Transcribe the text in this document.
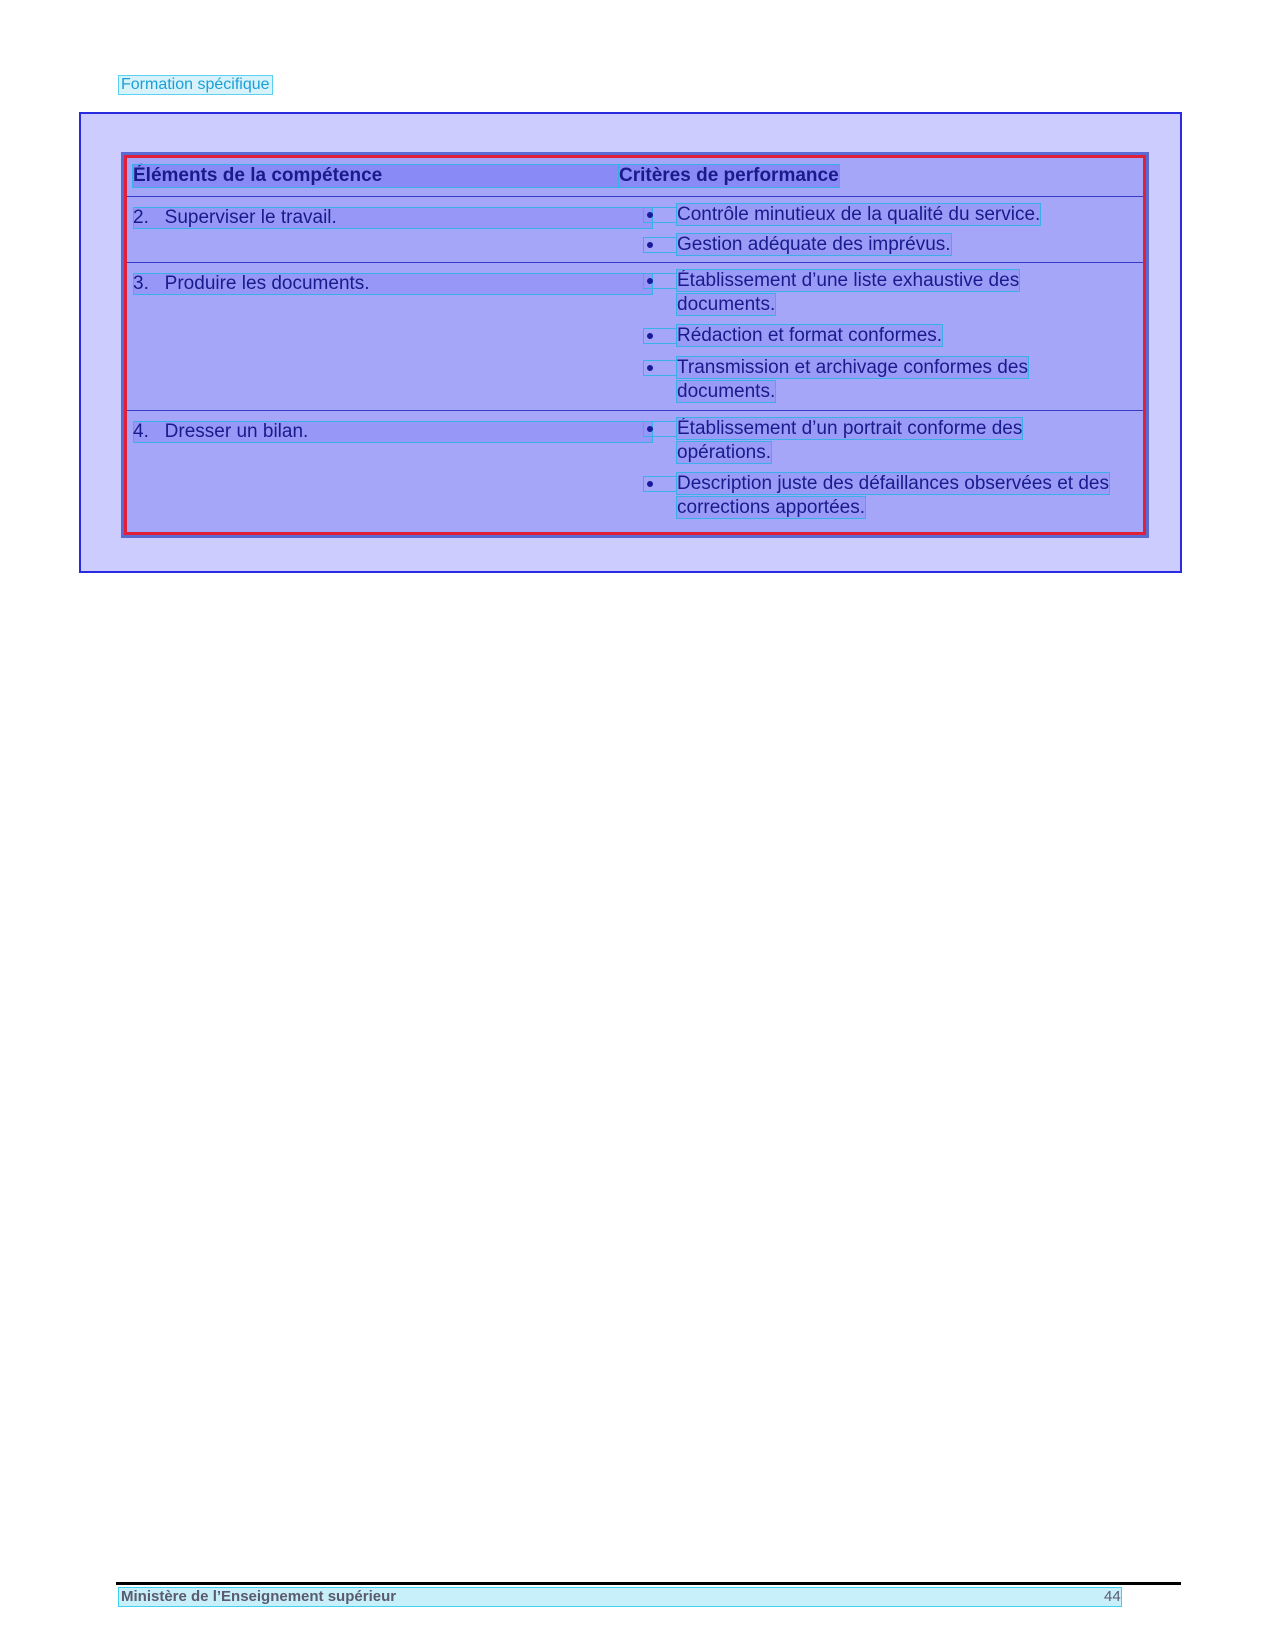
Formation spécifique
Éléments de la compétence	Critères de performance
2.   Superviser le travail.	Contrôle minutieux de la qualité du service.
Gestion adéquate des imprévus.
3.   Produire les documents.	Établissement d’une liste exhaustive des documents.
Rédaction et format conformes.
Transmission et archivage conformes des documents.
4.   Dresser un bilan.	Établissement d’un portrait conforme des opérations.
Description juste des défaillances observées et des corrections apportées.
Ministère de l’Enseignement supérieur	44
